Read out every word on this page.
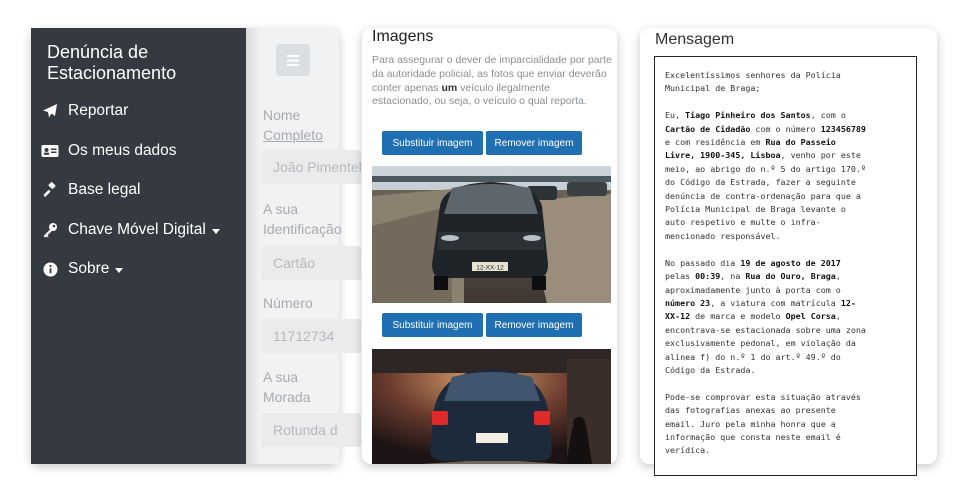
Nome
Completo
João Pimentel
A sua
Identificação
Cartão
Número
11712734
A sua
Morada
Rotunda d
Denúncia de Estacionamento
Reportar
Os meus dados
Base legal
Chave Móvel Digital
Sobre
Imagens
Para assegurar o dever de imparcialidade por parte da autoridade policial, as fotos que enviar deverão conter apenas um veículo ilegalmente estacionado, ou seja, o veículo o qual reporta.
Substituir imagem	Remover imagem
12-XX-12
Substituir imagem	Remover imagem
Mensagem
Excelentíssimos senhores da Polícia
Municipal de Braga;

Eu, Tiago Pinheiro dos Santos, com o
Cartão de Cidadão com o número 123456789
e com residência em Rua do Passeio
Livre, 1900-345, Lisboa, venho por este
meio, ao abrigo do n.º 5 do artigo 170.º
do Código da Estrada, fazer a seguinte
denúncia de contra-ordenação para que a
Polícia Municipal de Braga levante o
auto respetivo e multe o infra-
mencionado responsável.

No passado dia 19 de agosto de 2017
pelas 00:39, na Rua do Ouro, Braga,
aproximadamente junto à porta com o
número 23, a viatura com matrícula 12-
XX-12 de marca e modelo Opel Corsa,
encontrava-se estacionada sobre uma zona
exclusivamente pedonal, em violação da
alínea f) do n.º 1 do art.º 49.º do
Código da Estrada.

Pode-se comprovar esta situação através
das fotografias anexas ao presente
email. Juro pela minha honra que a
informação que consta neste email é
verídica.
